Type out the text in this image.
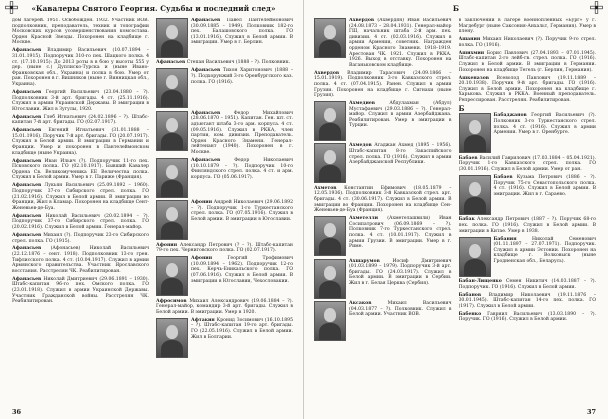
«Кавалеры Святого Георгия. Судьбы и последний след»
дом лагерей. 1951. Освобожден. 1932. Участник ВОВ. подполковник, преподаватель, техник и топографии Московских курсов усовершенствования комсостава. Орден Красной Звезды. Похоронен на кладбище г. Москве.
Афанасьев Владимир Васильевич (10.07.1894 – 31.01.1915). Подпоручик 310-го пех. Шацкого полка. 4 ст. (17.10.1915): До 2013 роты в в бою у высоты 555 у дер. (ныне с.) Дуплиско-Турска и (ныне Ивано-Франковская обл., Украина) и полка в бою. Умер от ран. Похоронен в г. Вишняков (ныне г. Винницкая обл., Украина).
Афанасьев Георгий Васильевич (23.04.1880 – ?). Подполковник 3-й арт. бригады. 4 ст. (25.11.1916). Служил в армии Украинской Державы. В эмиграции в Югославии. Жил в Зугулы, 1920.
Афанасьев Глеб Игнатьевич (24.02.1896 – ?). Штабс-капитан 7-й арт. бригады. ГО (02.07.1917).
Афанасьев Евгений Игнатьевич (31.01.1888 – 15.01.1916). Поручик 7-й арт. бригады. ГО (20.07.1917). Служил в Белой армии. В эмиграции в Германии и Франции. Умер и похоронен в Пантелеймонском кладбище (ныне Украина).
Афанасьев Иван Ильич (?). Подпоручик 11-го пех. Псковского полка. ГО (02.10.1917). Бывший Кавалер Ордена Св. Великомученика ЕЕ Величества полка. Служил в Белой армии. Умер в г. Париже (Франция).
Афанасьев Лукьян Васильевич (25.09.1892 – 1960). Подпоручик 37-го Сибирского стрел. полка. ГО (21.02.1916). Служил в Белой армии. В эмиграции во Франции, Жил в Кламар. Похоронен на кладбище Сент-Женевьев-де-Буа.
Афанасьев Николай Васильевич (20.02.1894 – ?). Подпоручик 37-го Сибирского стрел. полка. ГО (20.02.1916). Служил в Белой армии. Генерал-майор.
Афанасьев Михаил (?). Подпоручик 23-го Сибирского стрел. полка. ГО (1915).
Афанасьев (Афонасьев) Николай Васильевич (22.12.1876 – сент. 1918). Подполковник 13-го грен. Тифлисского полка. 4 ст. (10.04.1917). Служил в армии Армянского правительства. Участник Ярославского восстания. Расстрелян ЧК. Реабилитирован.
Афанасьев Николай Дмитриевич (29.06.1891 – 1930). Штабс-капитан 96-го пех. Омского полка. ГО (23.01.1918). Служил в армии Украинской Державы. Участник Гражданской войны. Расстрелян ЧК. Реабилитирован.
Афанасьев Павел Пантелеймонович (30.09.1885 – 1949). Полковник 182-го пех. Балашовского полка. ГО (13.01.1916). Служил в Белой армии. В эмиграции. Умер в г. Берлин.
Афанасьев Степан Васильевич (1888 – ?). Полковник.
Афанасьев Тихон Харитонович (1888 – ?). Подхорунжий 3-го Оренбургского каз. полка. ГО (1916).
Афанасьев Федор Михайлович (28.06.1870 – 1951). Капитан. Ген. шт. ст. адъютант штаба 3-го арм. корпуса. 4 ст. (09.05.1916). Служил в РККА, член партии, ком. дивизии. Преподаватель. Орден Красного Знамени. Генерал-лейтенант (1940). Похоронен в г. Москве.
Афанасьев Федор Николаевич (10.10.1879 – ?). Подпоручик 10-го Финляндского стрел. полка. 4 ст. и арм. корпуса. ГО (05.06.1917).
Афонин Андрей Николаевич (29.06.1892 – ?). Подпоручик 1-го Туркестанского стрел. полка. ГО (07.05.1916). Служил в Белой армии. В эмиграции в Югославии.
Афонин Александр Петрович (? – ?). Штабс-капитан 79-го пех. Черниговского полка. ГО (02.07.1917).
Афонин Георгий Трофимович (10.09.1894 – 1962). Подпоручик 12-го пех. Керчь-Еникальского полка. ГО (07.06.1916). Служил в Белой армии. В эмиграции в Югославии, Чехословакии.
Афросимов Михаил Александрович (19.06.1884 – ?). Генерал-майор, командир 3-й арт. бригады. Служил в Белой армии. В эмиграции. Умер в 1920.
Афтакин Кронид Зосимович (16.10.1895 – ?). Штабс-капитан 19-го арт. бригады. ГО (22.05.1916). Служил в Белой армии. Жил в Болгарии.
36
Б
Ахвердов (Ахвердян) Иван Васильевич (24.08.1873 – 28.04.1931). Генерал-майор ГШ, начальник штаба 2-й арм. пех. дивизии. 4 ст. (02.03.1916). Служил в армии Армении, советник. Награжден орденом Красного Знамени. 1918–1919. Арестован ЧК. 1921. Служил в РККА. 1926. Выход в отставку. Похоронен на Ваганьковском кладбище.
Ахвердов Владимир Тарасович (24.09.1866 – 15.01.1919). Подполковник 3-го Кавказского стрел. полка. 4 ст. (07.04.1915). Ранен. Служил в армии Грузии. Похоронен на кладбище г. Сигнахи (ныне Грузия).
Ахмедиев Абдулахман (Абдул) Мустафаевич (29.03.1886 – ?). Генерал-майор. Служил в армии Азербайджана. Реабилитирован. Умер в эмиграции в Турции.
Ахмедов Агаджан Ахмед (1895 – 1956). Штабс-капитан 8-го Закаспийского стрел. полка. ГО (1916). Служил в армии Азербайджанской Республики.
Ахметов Константин Ефимович (18.05.1879 – 12.05.1936). Подполковник 3-й Кавказской стрел. арт. бригады. 4 ст. (30.06.1917). Служил в Белой армии. В эмиграции во Франции. Похоронен на кладбище Сен-Женевьев-де-Буа (Франция).
Ахметелли (Ахметелашвили) Иван Сосипатрович (06.09.1869 – ?). Полковник 7-го Туркестанского стрел. полка. 4 ст. (10.01.1917). Служил в армии Грузии. В эмиграции. Умер в г. Риме.
Ахшарумов Иосиф Дмитриевич (01.03.1899 – 1979). Подпоручик 3-й арт. бригады. ГО (24.03.1917). Служил в Белой армии. В эмиграции в Сербии. Жил в г. Белая Церква (Сербия).
Аксаков Михаил Васильевич (04.03.1877 – ?). Полковник. Служил в Белой армии. Участник ВОВ.
в заключении в лагере военнопленных «Бург» у г. Магдебург (ныне Саксония-Анхальт, Германия). Умер в плену.
Ашанин Михаил Николаевич (?). Поручик 9-го стрел. полка. ГО (1916).
Ашихмин Борис Павлович (27.04.1893 – 07.01.1945). Штабс-капитан 2-го лейб-гв. стрел. полка. ГО (1916). Служил в Белой армии. В эмиграции в Германии. Похоронен на кладбище Тегель (г. Берлин, Германия).
Ашкеназов Всеволод Павлович (19.11.1889 – 20.10.1938). Поручик 9-й арт. бригады. ГО (1916). Служил в Белой армии. Похоронен на кладбище г. Харькова. Служил в РККА. Военный преподаватель. Репрессирован. Расстрелян. Реабилитирован.
Б
Бабаджанов Георгий Васильевич (?). Полковник 3-го Туркестанского стрел. полка. 4 ст. (1916). Служил в армии Армении. Умер в г. Оренбурге.
Бабаев Василий Гаврилович (17.03.1884 – 05.04.1921). Поручик 1-го Кавказского стрел. полка. ГО (30.01.1916). Служил в Белой армии. Умер от ран.
Бабаев Кузьма Петрович (1886 – ?). Поручик 75-го Севастопольского полка. 4 ст. (1916). Служил в Белой армии. В эмиграции. Жил в г. Сараево.
Бабак Александр Петрович (1887 – ?). Поручик 68-го пех. полка. ГО (1916). Служил в Белой армии. В эмиграции в Китае. Умер в 1938.
Бабанин Николай Семенович (01.11.1897 – 27.07.1971). Подпоручик. Служил в армии Эстонии. Похоронен на кладбище г. Волковыск (ныне Гродненская обл., Беларусь).
Бабан-Лищенко Семен Никитич (14.03.1887 – ?). Подпоручик. ГО (1916). Служил в Белой армии.
Бабанов Владимир Николаевич (19.11.1876 – 30.01.1945). Штабс-капитан 14-го пех. полка. ГО (1917). Служил в Белой армии.
Бабенко Гавриил Васильевич (13.03.1890 – ?). Поручик. ГО (1916). Служил в Белой армии.
37
